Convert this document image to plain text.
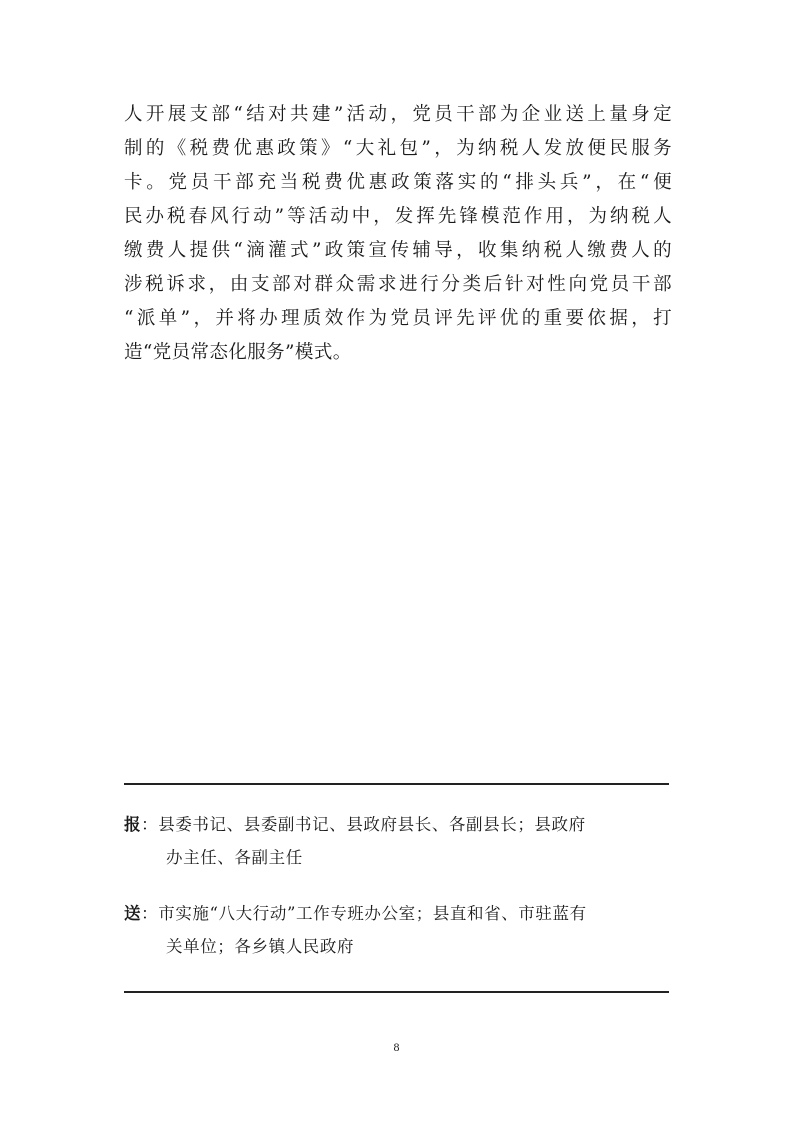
人开展支部“结对共建”活动，党员干部为企业送上量身定
制的《税费优惠政策》“大礼包”，为纳税人发放便民服务
卡。党员干部充当税费优惠政策落实的“排头兵”，在“便
民办税春风行动”等活动中，发挥先锋模范作用，为纳税人
缴费人提供“滴灌式”政策宣传辅导，收集纳税人缴费人的
涉税诉求，由支部对群众需求进行分类后针对性向党员干部
“派单”，并将办理质效作为党员评先评优的重要依据，打
造“党员常态化服务”模式。
报：县委书记、县委副书记、县政府县长、各副县长；县政府
办主任、各副主任
送：市实施“八大行动”工作专班办公室；县直和省、市驻蓝有
关单位；各乡镇人民政府
8
